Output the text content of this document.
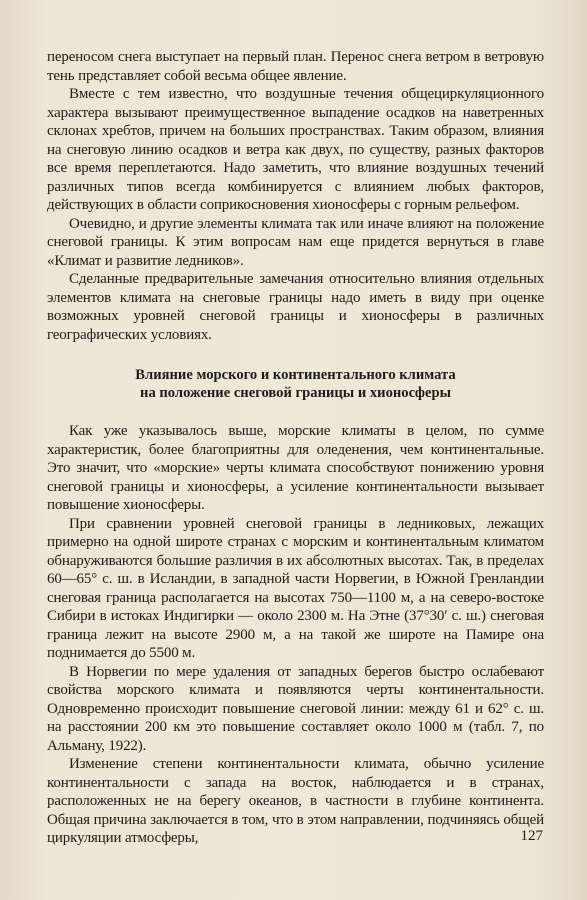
переносом снега выступает на первый план. Перенос снега ветром в ветровую тень представляет собой весьма общее явление.

Вместе с тем известно, что воздушные течения общециркуляционного характера вызывают преимущественное выпадение осадков на наветренных склонах хребтов, причем на больших пространствах. Таким образом, влияния на снеговую линию осадков и ветра как двух, по существу, разных факторов все время переплетаются. Надо заметить, что влияние воздушных течений различных типов всегда комбинируется с влиянием любых факторов, действующих в области соприкосновения хионосферы с горным рельефом.

Очевидно, и другие элементы климата так или иначе влияют на положение снеговой границы. К этим вопросам нам еще придется вернуться в главе «Климат и развитие ледников».

Сделанные предварительные замечания относительно влияния отдельных элементов климата на снеговые границы надо иметь в виду при оценке возможных уровней снеговой границы и хионосферы в различных географических условиях.

Влияние морского и континентального климата
на положение снеговой границы и хионосферы

Как уже указывалось выше, морские климаты в целом, по сумме характеристик, более благоприятны для оледенения, чем континентальные. Это значит, что «морские» черты климата способствуют понижению уровня снеговой границы и хионосферы, а усиление континентальности вызывает повышение хионосферы.

При сравнении уровней снеговой границы в ледниковых, лежащих примерно на одной широте странах с морским и континентальным климатом обнаруживаются большие различия в их абсолютных высотах. Так, в пределах 60—65° с. ш. в Исландии, в западной части Норвегии, в Южной Гренландии снеговая граница располагается на высотах 750—1100 м, а на северо-востоке Сибири в истоках Индигирки — около 2300 м. На Этне (37°30′ с. ш.) снеговая граница лежит на высоте 2900 м, а на такой же широте на Памире она поднимается до 5500 м.

В Норвегии по мере удаления от западных берегов быстро ослабевают свойства морского климата и появляются черты континентальности. Одновременно происходит повышение снеговой линии: между 61 и 62° с. ш. на расстоянии 200 км это повышение составляет около 1000 м (табл. 7, по Альману, 1922).

Изменение степени континентальности климата, обычно усиление континентальности с запада на восток, наблюдается и в странах, расположенных не на берегу океанов, в частности в глубине континента. Общая причина заключается в том, что в этом направлении, подчиняясь общей циркуляции атмосферы,	127
